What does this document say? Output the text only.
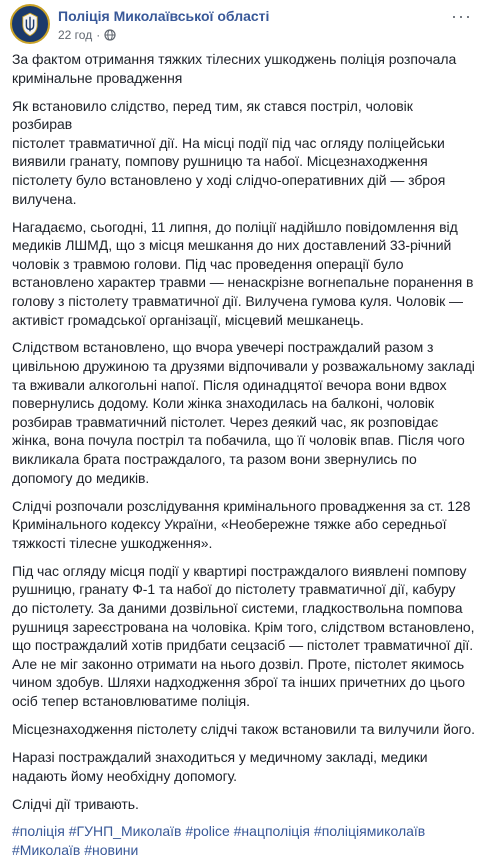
Поліція Миколаївської області
22 год ·
···

За фактом отримання тяжких тілесних ушкоджень поліція розпочала
кримінальне провадження

Як встановило слідство, перед тим, як стався постріл, чоловік розбирав
пістолет травматичної дії. На місці події під час огляду поліцейськи
виявили гранату, помпову рушницю та набої. Місцезнаходження
пістолету було встановлено у ході слідчо-оперативних дій — зброя
вилучена.

Нагадаємо, сьогодні, 11 липня, до поліції надійшло повідомлення від
медиків ЛШМД, що з місця мешкання до них доставлений 33-річний
чоловік з травмою голови. Під час проведення операції було
встановлено характер травми — ненаскрізне вогнепальне поранення в
голову з пістолету травматичної дії. Вилучена гумова куля. Чоловік —
активіст громадської організації, місцевий мешканець.

Слідством встановлено, що вчора увечері постраждалий разом з
цивільною дружиною та друзями відпочивали у розважальному закладі
та вживали алкогольні напої. Після одинадцятої вечора вони вдвох
повернулись додому. Коли жінка знаходилась на балконі, чоловік
розбирав травматичний пістолет. Через деякий час, як розповідає
жінка, вона почула постріл та побачила, що її чоловік впав. Після чого
викликала брата постраждалого, та разом вони звернулись по
допомогу до медиків.

Слідчі розпочали розслідування кримінального провадження за ст. 128
Кримінального кодексу України, «Необережне тяжке або середньої
тяжкості тілесне ушкодження».

Під час огляду місця події у квартирі постраждалого виявлені помпову
рушницю, гранату Ф-1 та набої до пістолету травматичної дії, кабуру
до пістолету. За даними дозвільної системи, гладкоствольна помпова
рушниця зареєстрована на чоловіка. Крім того, слідством встановлено,
що постраждалий хотів придбати сецзасіб — пістолет травматичної дії.
Але не міг законно отримати на нього дозвіл. Проте, пістолет якимось
чином здобув. Шляхи надходження зброї та інших причетних до цього
осіб тепер встановлюватиме поліція.

Місцезнаходження пістолету слідчі також встановили та вилучили його.

Наразі постраждалий знаходиться у медичному закладі, медики
надають йому необхідну допомогу.

Слідчі дії тривають.

#поліція #ГУНП_Миколаїв #police #нацполіція #поліціямиколаїв
#Миколаїв #новини
